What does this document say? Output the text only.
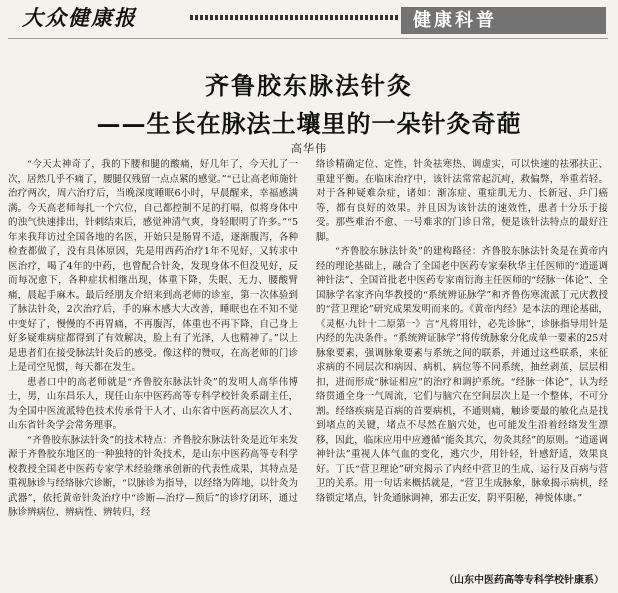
大众健康报	健康科普
齐鲁胶东脉法针灸
——生长在脉法土壤里的一朵针灸奇葩
高华伟

“今天太神奇了，我的下腰和腿的酸痛，好几年了，今天扎了一次，居然几乎不痛了，腰腿仅残留一点点紧的感觉。”“已让高老师施针治疗两次，周六治疗后，当晚深度睡眠6小时，早晨醒来，幸福感满满。今天高老师每扎一个穴位，自己都控制不足的打嗝，似将身体中的浊气快速排出，针刺结束后，感觉神清气爽，身轻眼明了许多。”“5年来我拜访过全国各地的名医，开始只是肠胃不适，逐渐腹泻，各种检查都做了，没有具体原因，先是用西药治疗1年不见好，又转求中医治疗，喝了4年的中药，也曾配合针灸，发现身体不但没见好，反而每况愈下，各种症状相继出现，体重下降，失眠、无力、腰酸臂痛，晨起手麻木。最后经朋友介绍来到高老师的诊室，第一次体验到了脉法针灸，2次治疗后，手的麻木感大大改善，睡眠也在不知不觉中变好了，慢慢的不再胃痛，不再腹泻，体重也不再下降，自己身上好多疑难病症都得到了有效解决，脸上有了光泽，人也精神了。”以上是患者们在接受脉法针灸后的感受。像这样的赞叹，在高老师的门诊上是司空见惯，每天都在发生。

患者口中的高老师就是“齐鲁胶东脉法针灸”的发明人高华伟博士，男，山东昌乐人，现任山东中医药高等专科学校针灸系副主任，为全国中医流派特色技术传承骨干人才、山东省中医药高层次人才、山东省针灸学会常务理事。

“齐鲁胶东脉法针灸”的技术特点：齐鲁胶东脉法针灸是近年来发源于齐鲁胶东地区的一种独特的针灸技术，是山东中医药高等专科学校教授全国老中医药专家学术经验继承创新的代表性成果，其特点是重视脉诊与经络脉穴诊断，“以脉诊为指导，以经络为阵地，以针灸为武器”，依托黄帝针灸治疗中“诊断—治疗—预后”的诊疗闭环，通过脉诊辨病位、辨病性、辨转归，经

络诊精确定位、定性，针灸祛寒热、调虚实，可以快速的祛邪扶正、重建平衡。在临床治疗中，该针法常常起沉疴，救偏弊，举重若轻。对于各种疑难杂症，诸如：渐冻症、重症肌无力、长新冠、乒门癌等，都有良好的效果。并且因为该针法的速效性，患者十分乐于接受。那些难治不愈、一号难求的门诊日常，便是该针法特点的最好注脚。

“齐鲁胶东脉法针灸”的建构路径：齐鲁胶东脉法针灸是在黄帝内经的理论基础上，融合了全国老中医药专家秦秋华主任医师的“逍遥调神针法”、全国首批老中医药专家南衍海主任医师的“经脉一体论”、全国脉学名家齐向华教授的“系统辨证脉学”和齐鲁伤寒流派丁元庆教授的“营卫理论”研究成果发明而来的。《黄帝内经》是本法的理论基础，《灵枢·九针十二原第一》言“凡将用针，必先诊脉”，诊脉指导用针是内经的先决条件。“系统辨证脉学”将传统脉象分化成单一要素的25对脉象要素，强调脉象要素与系统之间的联系，并通过这些联系，来征求病的不同层次和病因、病机、病位等不同系统，抽丝剥茧，层层相扣，进而形成“脉证相应”的治疗和调护系统。“经脉一体论”，认为经络贯通全身一气周流，它们与脑穴在空间层次上是一个整体，不可分割。经络疾病是百病的首要病机，不通则痛，触诊要最的敏化点是找到堵点的关键，堵点不尽然在脑穴处，也可能发生沿着经络发生漂移，因此，临床应用中应遵循“能灸其穴，勿灸其经”的原则。“逍遥调神针法”重视人体气血的变化，逃穴少，用针轻，针感舒适，效果良好。丁氏“营卫理论”研究揭示了内经中营卫的生成、运行及百病与营卫的关系。用一句话来概括就是，“营卫生成脉象，脉象揭示病机，经络锁定堵点，针灸通脉调神，邪去正安，阴平阳秘，神悦体康。”

（山东中医药高等专科学校针康系）
